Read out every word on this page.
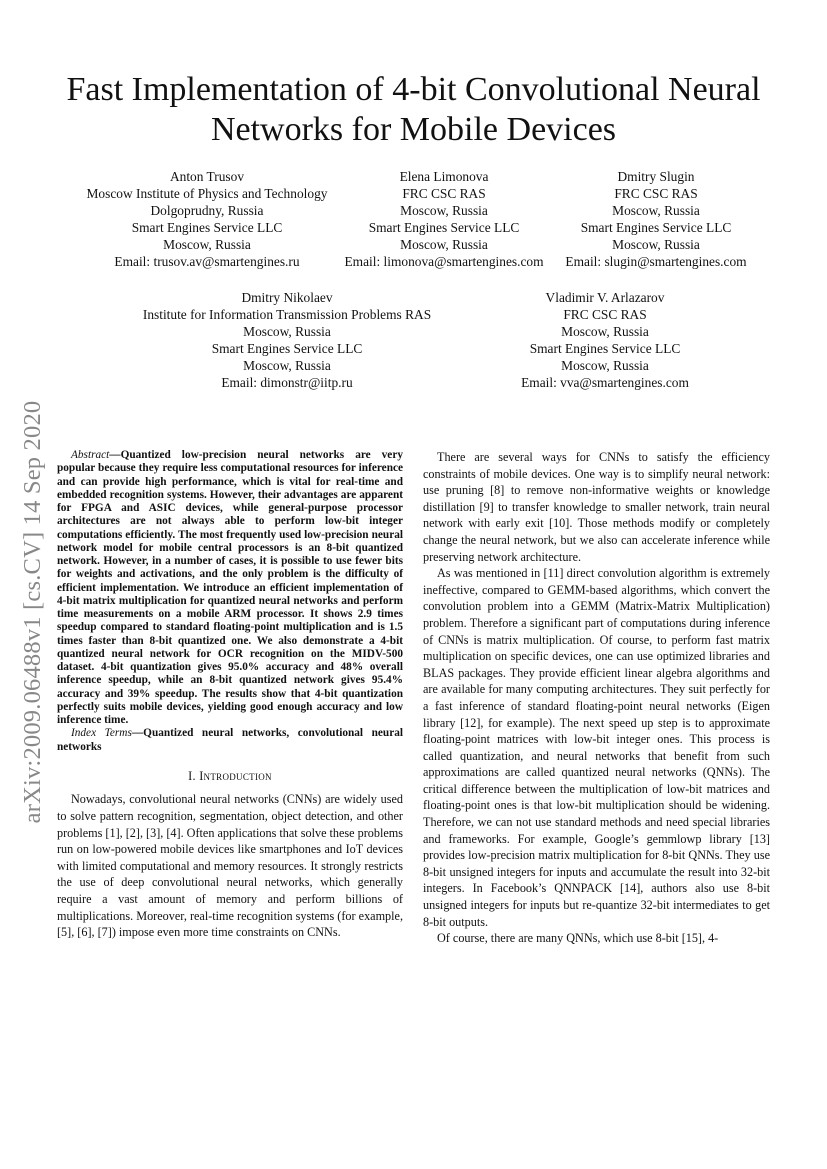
arXiv:2009.06488v1 [cs.CV] 14 Sep 2020
Fast Implementation of 4-bit Convolutional Neural
Networks for Mobile Devices
Anton Trusov
Moscow Institute of Physics and Technology
Dolgoprudny, Russia
Smart Engines Service LLC
Moscow, Russia
Email: trusov.av@smartengines.ru
Elena Limonova
FRC CSC RAS
Moscow, Russia
Smart Engines Service LLC
Moscow, Russia
Email: limonova@smartengines.com
Dmitry Slugin
FRC CSC RAS
Moscow, Russia
Smart Engines Service LLC
Moscow, Russia
Email: slugin@smartengines.com
Dmitry Nikolaev
Institute for Information Transmission Problems RAS
Moscow, Russia
Smart Engines Service LLC
Moscow, Russia
Email: dimonstr@iitp.ru
Vladimir V. Arlazarov
FRC CSC RAS
Moscow, Russia
Smart Engines Service LLC
Moscow, Russia
Email: vva@smartengines.com

Abstract—Quantized low-precision neural networks are very popular because they require less computational resources for inference and can provide high performance, which is vital for real-time and embedded recognition systems. However, their advantages are apparent for FPGA and ASIC devices, while general-purpose processor architectures are not always able to perform low-bit integer computations efficiently. The most frequently used low-precision neural network model for mobile central processors is an 8-bit quantized network. However, in a number of cases, it is possible to use fewer bits for weights and activations, and the only problem is the difficulty of efficient implementation. We introduce an efficient implementation of 4-bit matrix multiplication for quantized neural networks and perform time measurements on a mobile ARM processor. It shows 2.9 times speedup compared to standard floating-point multiplication and is 1.5 times faster than 8-bit quantized one. We also demonstrate a 4-bit quantized neural network for OCR recognition on the MIDV-500 dataset. 4-bit quantization gives 95.0% accuracy and 48% overall inference speedup, while an 8-bit quantized network gives 95.4% accuracy and 39% speedup. The results show that 4-bit quantization perfectly suits mobile devices, yielding good enough accuracy and low inference time.

Index Terms—Quantized neural networks, convolutional neural networks

I. Introduction

Nowadays, convolutional neural networks (CNNs) are widely used to solve pattern recognition, segmentation, object detection, and other problems [1], [2], [3], [4]. Often applications that solve these problems run on low-powered mobile devices like smartphones and IoT devices with limited computational and memory resources. It strongly restricts the use of deep convolutional neural networks, which generally require a vast amount of memory and perform billions of multiplications. Moreover, real-time recognition systems (for example, [5], [6], [7]) impose even more time constraints on CNNs.

There are several ways for CNNs to satisfy the efficiency constraints of mobile devices. One way is to simplify neural network: use pruning [8] to remove non-informative weights or knowledge distillation [9] to transfer knowledge to smaller network, train neural network with early exit [10]. Those methods modify or completely change the neural network, but we also can accelerate inference while preserving network architecture.

As was mentioned in [11] direct convolution algorithm is extremely ineffective, compared to GEMM-based algorithms, which convert the convolution problem into a GEMM (Matrix-Matrix Multiplication) problem. Therefore a significant part of computations during inference of CNNs is matrix multiplication. Of course, to perform fast matrix multiplication on specific devices, one can use optimized libraries and BLAS packages. They provide efficient linear algebra algorithms and are available for many computing architectures. They suit perfectly for a fast inference of standard floating-point neural networks (Eigen library [12], for example). The next speed up step is to approximate floating-point matrices with low-bit integer ones. This process is called quantization, and neural networks that benefit from such approximations are called quantized neural networks (QNNs). The critical difference between the multiplication of low-bit matrices and floating-point ones is that low-bit multiplication should be widening. Therefore, we can not use standard methods and need special libraries and frameworks. For example, Google’s gemmlowp library [13] provides low-precision matrix multiplication for 8-bit QNNs. They use 8-bit unsigned integers for inputs and accumulate the result into 32-bit integers. In Facebook’s QNNPACK [14], authors also use 8-bit unsigned integers for inputs but re-quantize 32-bit intermediates to get 8-bit outputs.

Of course, there are many QNNs, which use 8-bit [15], 4-
